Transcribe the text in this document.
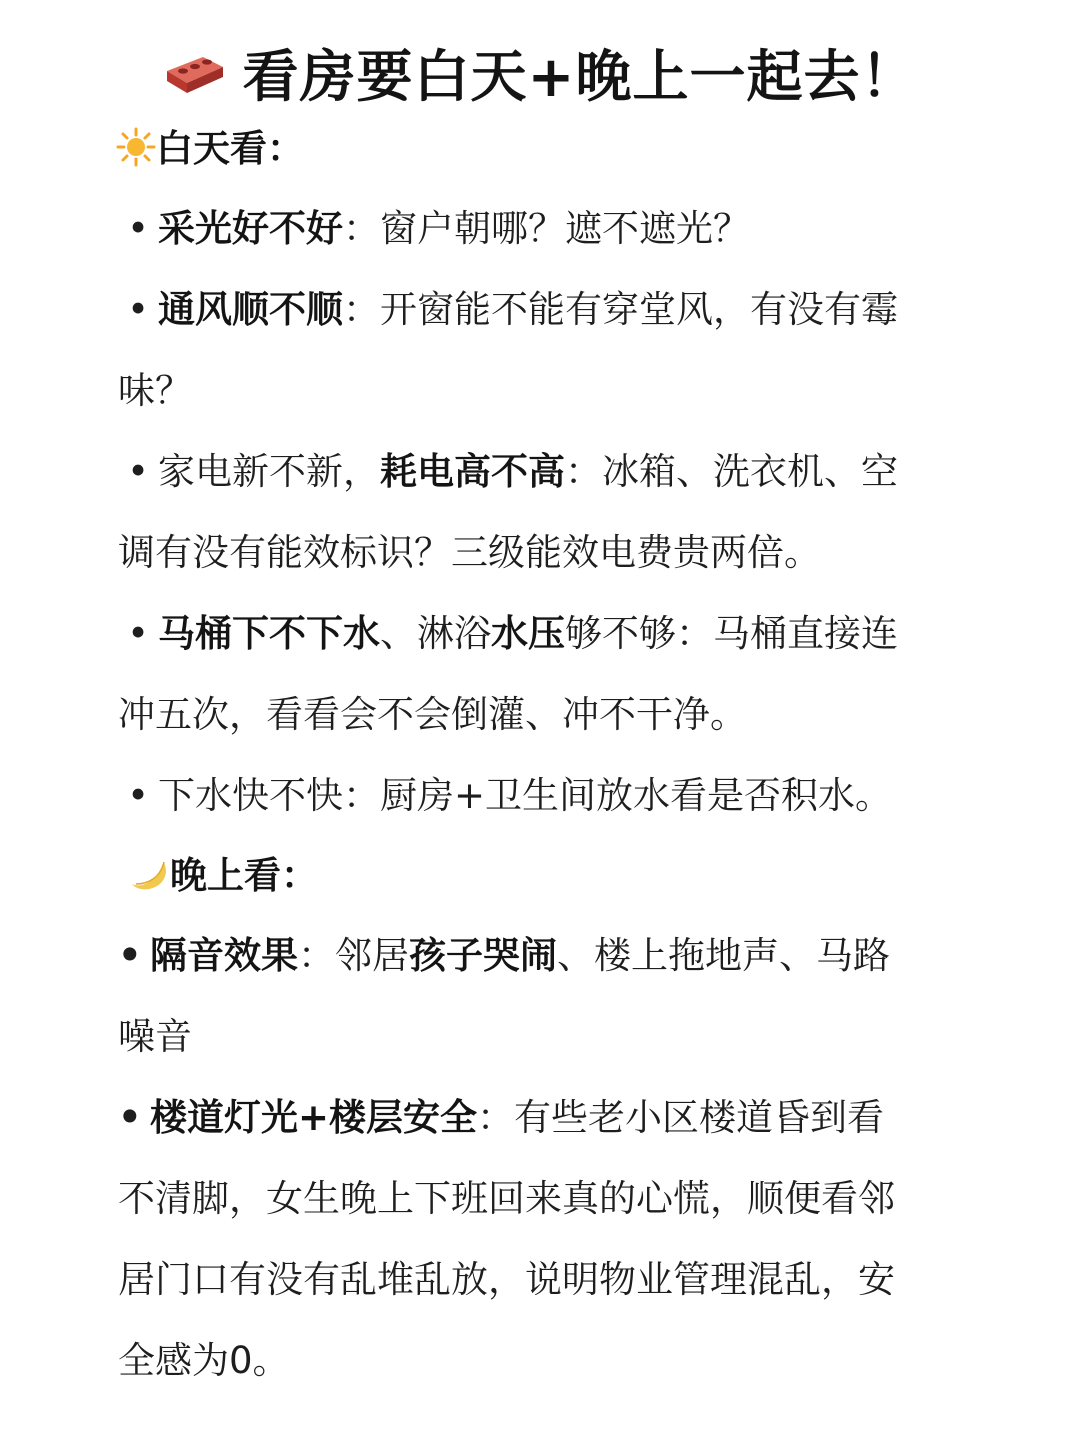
看房要白天+晚上一起去！
白天看：
• 采光好不好：窗户朝哪？遮不遮光？
• 通风顺不顺：开窗能不能有穿堂风，有没有霉
味？
• 家电新不新，耗电高不高：冰箱、洗衣机、空
调有没有能效标识？三级能效电费贵两倍。
• 马桶下不下水、淋浴水压够不够：马桶直接连
冲五次，看看会不会倒灌、冲不干净。
• 下水快不快：厨房+卫生间放水看是否积水。
晚上看：
• 隔音效果：邻居孩子哭闹、楼上拖地声、马路
噪音
• 楼道灯光+楼层安全：有些老小区楼道昏到看
不清脚，女生晚上下班回来真的心慌，顺便看邻
居门口有没有乱堆乱放，说明物业管理混乱，安
全感为0。
